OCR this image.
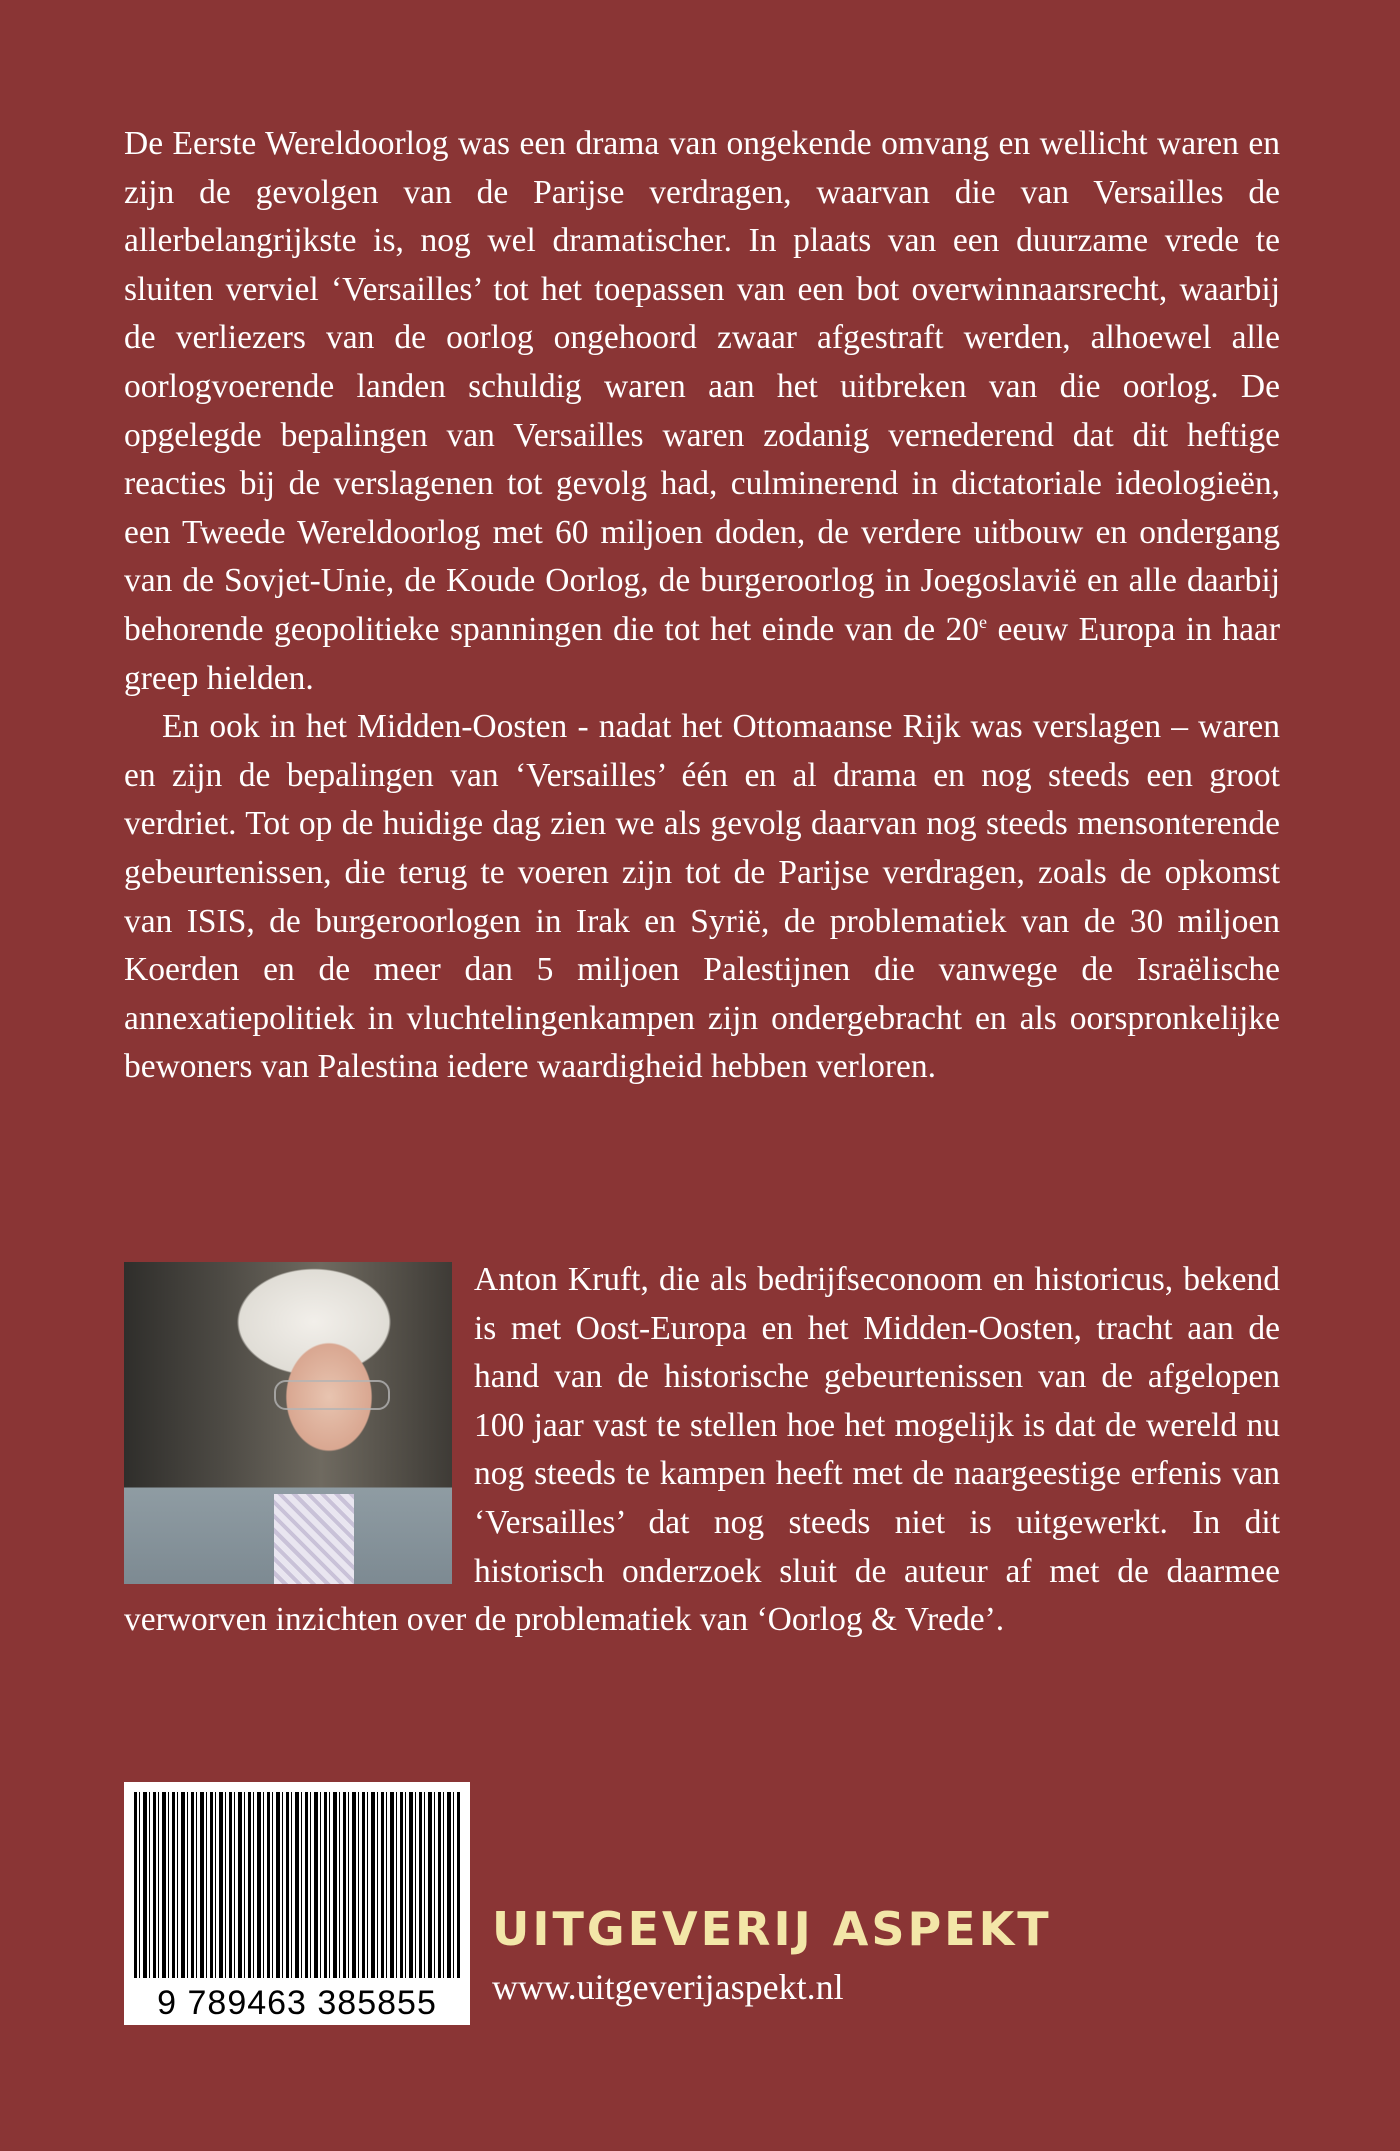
De Eerste Wereldoorlog was een drama van ongekende omvang en wellicht waren en zijn de gevolgen van de Parijse verdragen, waarvan die van Versailles de allerbelangrijkste is, nog wel dramatischer. In plaats van een duurzame vrede te sluiten verviel ‘Versailles’ tot het toepassen van een bot overwinnaarsrecht, waarbij de verliezers van de oorlog ongehoord zwaar afgestraft werden, alhoewel alle oorlogvoerende landen schuldig waren aan het uitbreken van die oorlog. De opgelegde bepalingen van Versailles waren zodanig vernederend dat dit heftige reacties bij de verslagenen tot gevolg had, culminerend in dictatoriale ideologieën, een Tweede Wereldoorlog met 60 miljoen doden, de verdere uitbouw en ondergang van de Sovjet-Unie, de Koude Oorlog, de burgeroorlog in Joegoslavië en alle daarbij behorende geopolitieke spanningen die tot het einde van de 20e eeuw Europa in haar greep hielden.

En ook in het Midden-Oosten - nadat het Ottomaanse Rijk was verslagen – waren en zijn de bepalingen van ‘Versailles’ één en al drama en nog steeds een groot verdriet. Tot op de huidige dag zien we als gevolg daarvan nog steeds mensonterende gebeurtenissen, die terug te voeren zijn tot de Parijse verdragen, zoals de opkomst van ISIS, de burgeroorlogen in Irak en Syrië, de problematiek van de 30 miljoen Koerden en de meer dan 5 miljoen Palestijnen die vanwege de Israëlische annexatiepolitiek in vluchtelingenkampen zijn ondergebracht en als oorspronkelijke bewoners van Palestina iedere waardigheid hebben verloren.

Anton Kruft, die als bedrijfseconoom en historicus, bekend is met Oost-Europa en het Midden-Oosten, tracht aan de hand van de historische gebeurtenissen van de afgelopen 100 jaar vast te stellen hoe het mogelijk is dat de wereld nu nog steeds te kampen heeft met de naargeestige erfenis van ‘Versailles’ dat nog steeds niet is uitgewerkt. In dit historisch onderzoek sluit de auteur af met de daarmee verworven inzichten over de problematiek van ‘Oorlog & Vrede’.

9 789463 385855
UITGEVERIJ ASPEKT
www.uitgeverijaspekt.nl
